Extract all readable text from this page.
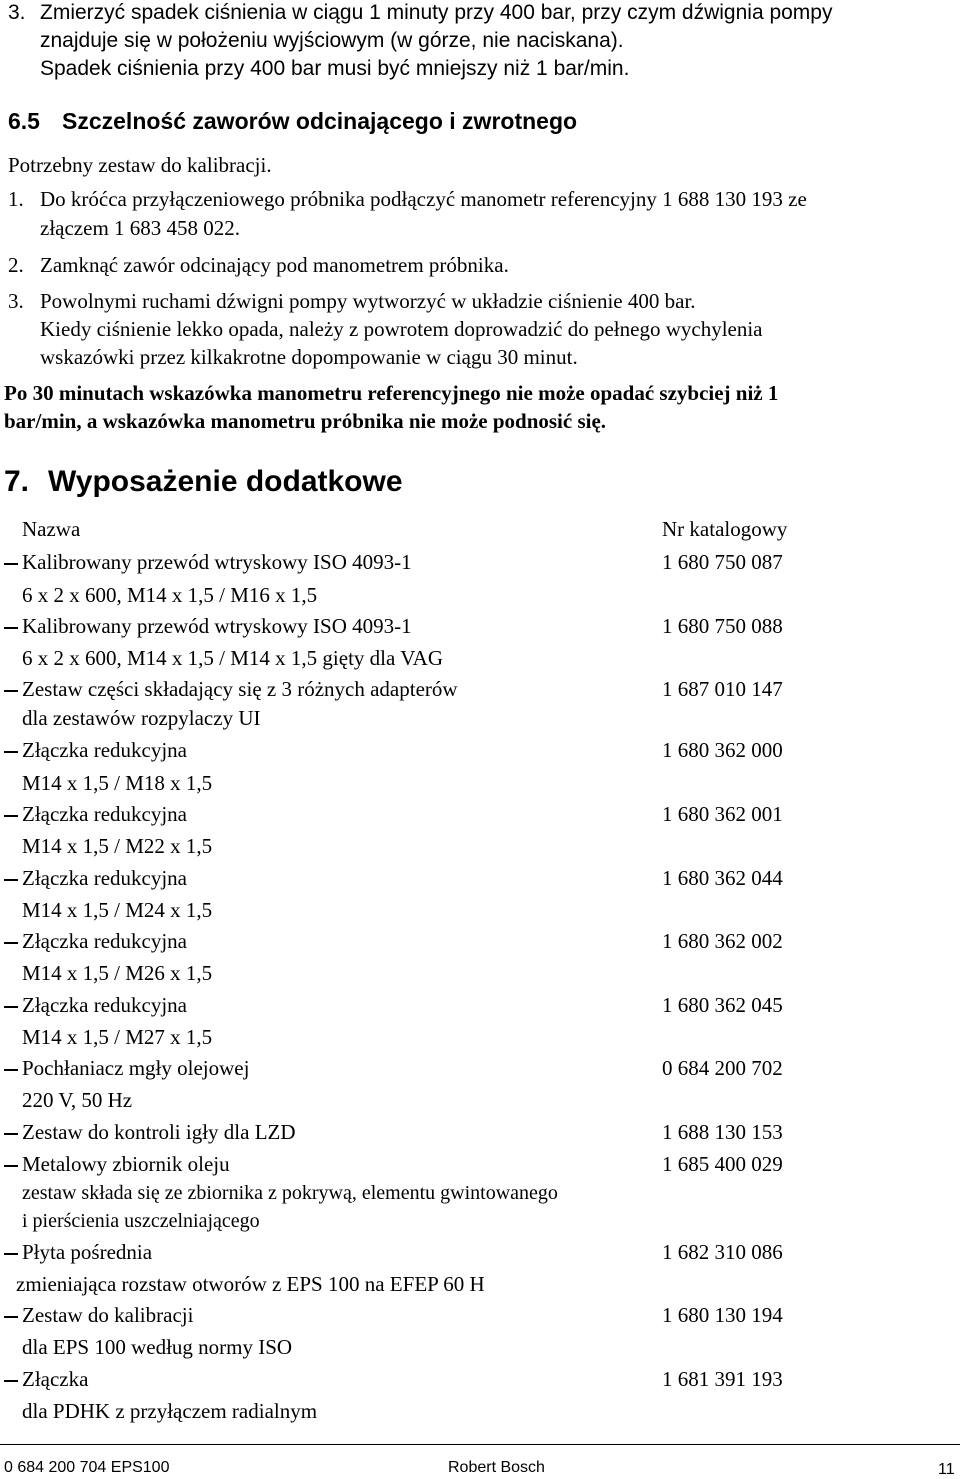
3. Zmierzyć spadek ciśnienia w ciągu 1 minuty przy 400 bar, przy czym dźwignia pompy
znajduje się w położeniu wyjściowym (w górze, nie naciskana).
Spadek ciśnienia przy 400 bar musi być mniejszy niż 1 bar/min.
6.5 Szczelność zaworów odcinającego i zwrotnego
Potrzebny zestaw do kalibracji.
1. Do króćca przyłączeniowego próbnika podłączyć manometr referencyjny 1 688 130 193 ze
złączem 1 683 458 022.
2. Zamknąć zawór odcinający pod manometrem próbnika.
3. Powolnymi ruchami dźwigni pompy wytworzyć w układzie ciśnienie 400 bar.
Kiedy ciśnienie lekko opada, należy z powrotem doprowadzić do pełnego wychylenia
wskazówki przez kilkakrotne dopompowanie w ciągu 30 minut.
Po 30 minutach wskazówka manometru referencyjnego nie może opadać szybciej niż 1
bar/min, a wskazówka manometru próbnika nie może podnosić się.
7. Wyposażenie dodatkowe
Nazwa	Nr katalogowy
Kalibrowany przewód wtryskowy ISO 4093-1	1 680 750 087
6 x 2 x 600, M14 x 1,5 / M16 x 1,5
Kalibrowany przewód wtryskowy ISO 4093-1	1 680 750 088
6 x 2 x 600, M14 x 1,5 / M14 x 1,5 gięty dla VAG
Zestaw części składający się z 3 różnych adapterów	1 687 010 147
dla zestawów rozpylaczy UI
Złączka redukcyjna	1 680 362 000
M14 x 1,5 / M18 x 1,5
Złączka redukcyjna	1 680 362 001
M14 x 1,5 / M22 x 1,5
Złączka redukcyjna	1 680 362 044
M14 x 1,5 / M24 x 1,5
Złączka redukcyjna	1 680 362 002
M14 x 1,5 / M26 x 1,5
Złączka redukcyjna	1 680 362 045
M14 x 1,5 / M27 x 1,5
Pochłaniacz mgły olejowej	0 684 200 702
220 V, 50 Hz
Zestaw do kontroli igły dla LZD	1 688 130 153
Metalowy zbiornik oleju	1 685 400 029
zestaw składa się ze zbiornika z pokrywą, elementu gwintowanego
i pierścienia uszczelniającego
Płyta pośrednia	1 682 310 086
zmieniająca rozstaw otworów z EPS 100 na EFEP 60 H
Zestaw do kalibracji	1 680 130 194
dla EPS 100 według normy ISO
Złączka	1 681 391 193
dla PDHK z przyłączem radialnym
0 684 200 704 EPS100	Robert Bosch	11
